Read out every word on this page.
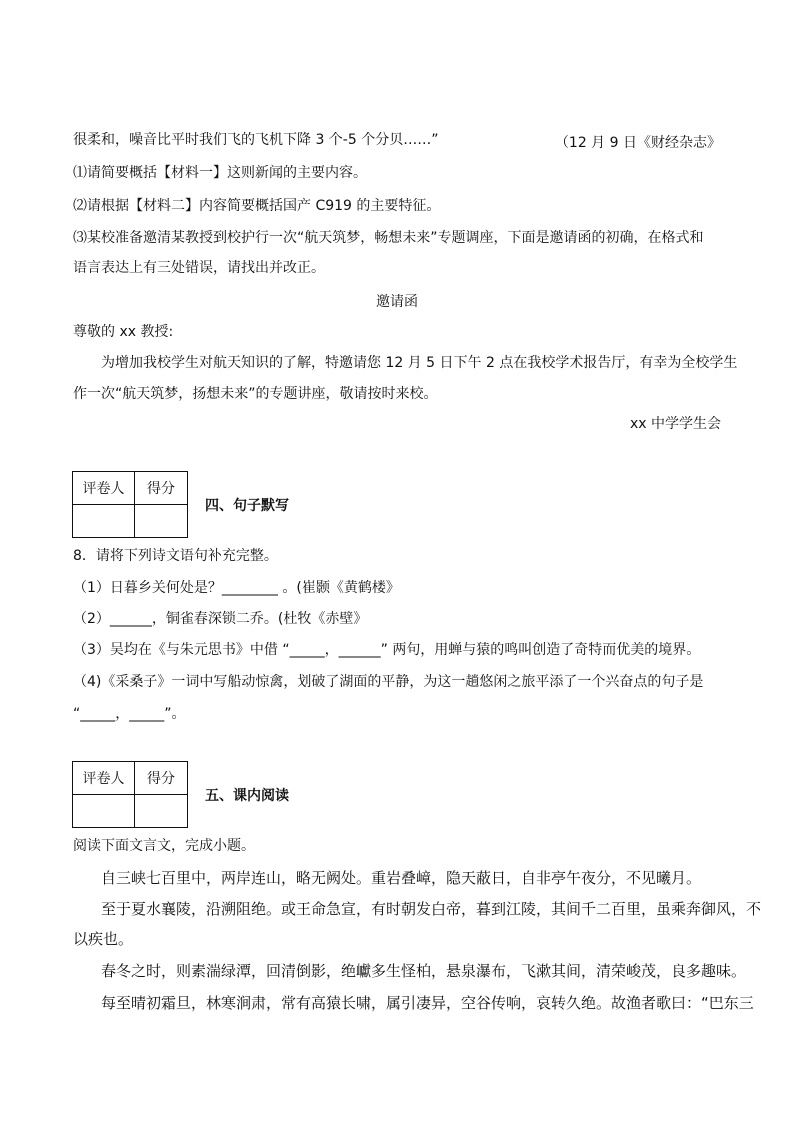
很柔和，噪音比平时我们飞的飞机下降 3 个-5 个分贝……”	（12 月 9 日《财经杂志》
⑴请简要概括【材料一】这则新闻的主要内容。
⑵请根据【材料二】内容简要概括国产 C919 的主要特征。
⑶某校准备邀清某教授到校护行一次“航天筑梦，畅想未来”专题调座，下面是邀请函的初确，在格式和
语言表达上有三处错误，请找出并改正。
邀请函
尊敬的 xx 教授:
为增加我校学生对航天知识的了解，特邀请您 12 月 5 日下午 2 点在我校学术报告厅，有幸为全校学生
作一次“航天筑梦，扬想未来”的专题讲座，敬请按时来校。
xx 中学学生会
评卷人	得分

四、句子默写
8．请将下列诗文语句补充完整。
（1）日暮乡关何处是？________ 。(崔颢《黄鹤楼》
（2）______，铜雀春深锁二乔。(杜牧《赤壁》
（3）吴均在《与朱元思书》中借 “_____，______” 两句，用蝉与猿的鸣叫创造了奇特而优美的境界。
（4)《采桑子》一词中写船动惊禽，划破了湖面的平静，为这一趟悠闲之旅平添了一个兴奋点的句子是
“_____，_____”。
评卷人	得分

五、课内阅读
阅读下面文言文，完成小题。
自三峡七百里中，两岸连山，略无阙处。重岩叠嶂，隐天蔽日，自非亭午夜分，不见曦月。
至于夏水襄陵，沿溯阻绝。或王命急宣，有时朝发白帝，暮到江陵，其间千二百里，虽乘奔御风，不
以疾也。
春冬之时，则素湍绿潭，回清倒影，绝巘多生怪柏，悬泉瀑布，飞漱其间，清荣峻茂，良多趣味。
每至晴初霜旦，林寒涧肃，常有高猿长啸，属引凄异，空谷传响，哀转久绝。故渔者歌曰：“巴东三
